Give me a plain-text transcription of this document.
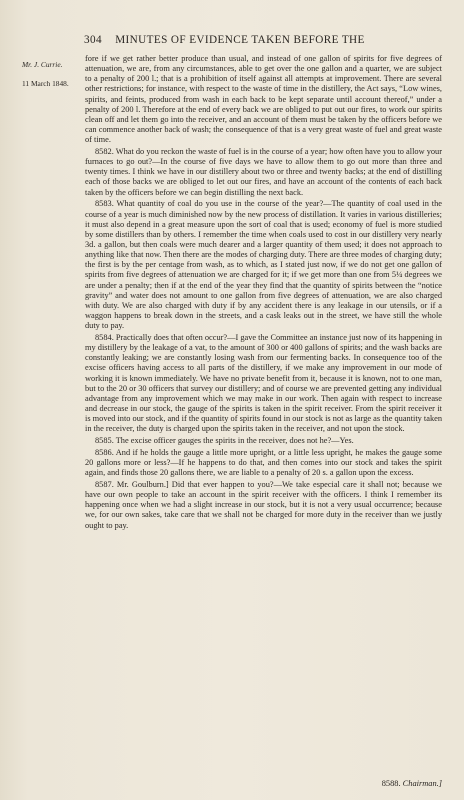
304 MINUTES OF EVIDENCE TAKEN BEFORE THE
Mr. J. Currie.
11 March 1848.

fore if we get rather better produce than usual, and instead of one gallon of spirits for five degrees of attenuation, we are, from any circumstances, able to get over the one gallon and a quarter, we are subject to a penalty of 200 l.; that is a prohibition of itself against all attempts at improvement. There are several other restrictions; for instance, with respect to the waste of time in the distillery, the Act says, “Low wines, spirits, and feints, produced from wash in each back to be kept separate until account thereof,” under a penalty of 200 l. Therefore at the end of every back we are obliged to put out our fires, to work our spirits clean off and let them go into the receiver, and an account of them must be taken by the officers before we can commence another back of wash; the consequence of that is a very great waste of fuel and great waste of time.

8582. What do you reckon the waste of fuel is in the course of a year; how often have you to allow your furnaces to go out?—In the course of five days we have to allow them to go out more than three and twenty times. I think we have in our distillery about two or three and twenty backs; at the end of distilling each of those backs we are obliged to let out our fires, and have an account of the contents of each back taken by the officers before we can begin distilling the next back.

8583. What quantity of coal do you use in the course of the year?—The quantity of coal used in the course of a year is much diminished now by the new process of distillation. It varies in various distilleries; it must also depend in a great measure upon the sort of coal that is used; economy of fuel is more studied by some distillers than by others. I remember the time when coals used to cost in our distillery very nearly 3d. a gallon, but then coals were much dearer and a larger quantity of them used; it does not approach to anything like that now. Then there are the modes of charging duty. There are three modes of charging duty; the first is by the per centage from wash, as to which, as I stated just now, if we do not get one gallon of spirits from five degrees of attenuation we are charged for it; if we get more than one from 5¼ degrees we are under a penalty; then if at the end of the year they find that the quantity of spirits between the “notice gravity” and water does not amount to one gallon from five degrees of attenuation, we are also charged with duty. We are also charged with duty if by any accident there is any leakage in our utensils, or if a waggon happens to break down in the streets, and a cask leaks out in the street, we have still the whole duty to pay.

8584. Practically does that often occur?—I gave the Committee an instance just now of its happening in my distillery by the leakage of a vat, to the amount of 300 or 400 gallons of spirits; and the wash backs are constantly leaking; we are constantly losing wash from our fermenting backs. In consequence too of the excise officers having access to all parts of the distillery, if we make any improvement in our mode of working it is known immediately. We have no private benefit from it, because it is known, not to one man, but to the 20 or 30 officers that survey our distillery; and of course we are prevented getting any individual advantage from any improvement which we may make in our work. Then again with respect to increase and decrease in our stock, the gauge of the spirits is taken in the spirit receiver. From the spirit receiver it is moved into our stock, and if the quantity of spirits found in our stock is not as large as the quantity taken in the receiver, the duty is charged upon the spirits taken in the receiver, and not upon the stock.

8585. The excise officer gauges the spirits in the receiver, does not he?—Yes.

8586. And if he holds the gauge a little more upright, or a little less upright, he makes the gauge some 20 gallons more or less?—If he happens to do that, and then comes into our stock and takes the spirit again, and finds those 20 gallons there, we are liable to a penalty of 20 s. a gallon upon the excess.

8587. Mr. Goulburn.] Did that ever happen to you?—We take especial care it shall not; because we have our own people to take an account in the spirit receiver with the officers. I think I remember its happening once when we had a slight increase in our stock, but it is not a very usual occurrence; because we, for our own sakes, take care that we shall not be charged for more duty in the receiver than we justly ought to pay.

8588. Chairman.]
